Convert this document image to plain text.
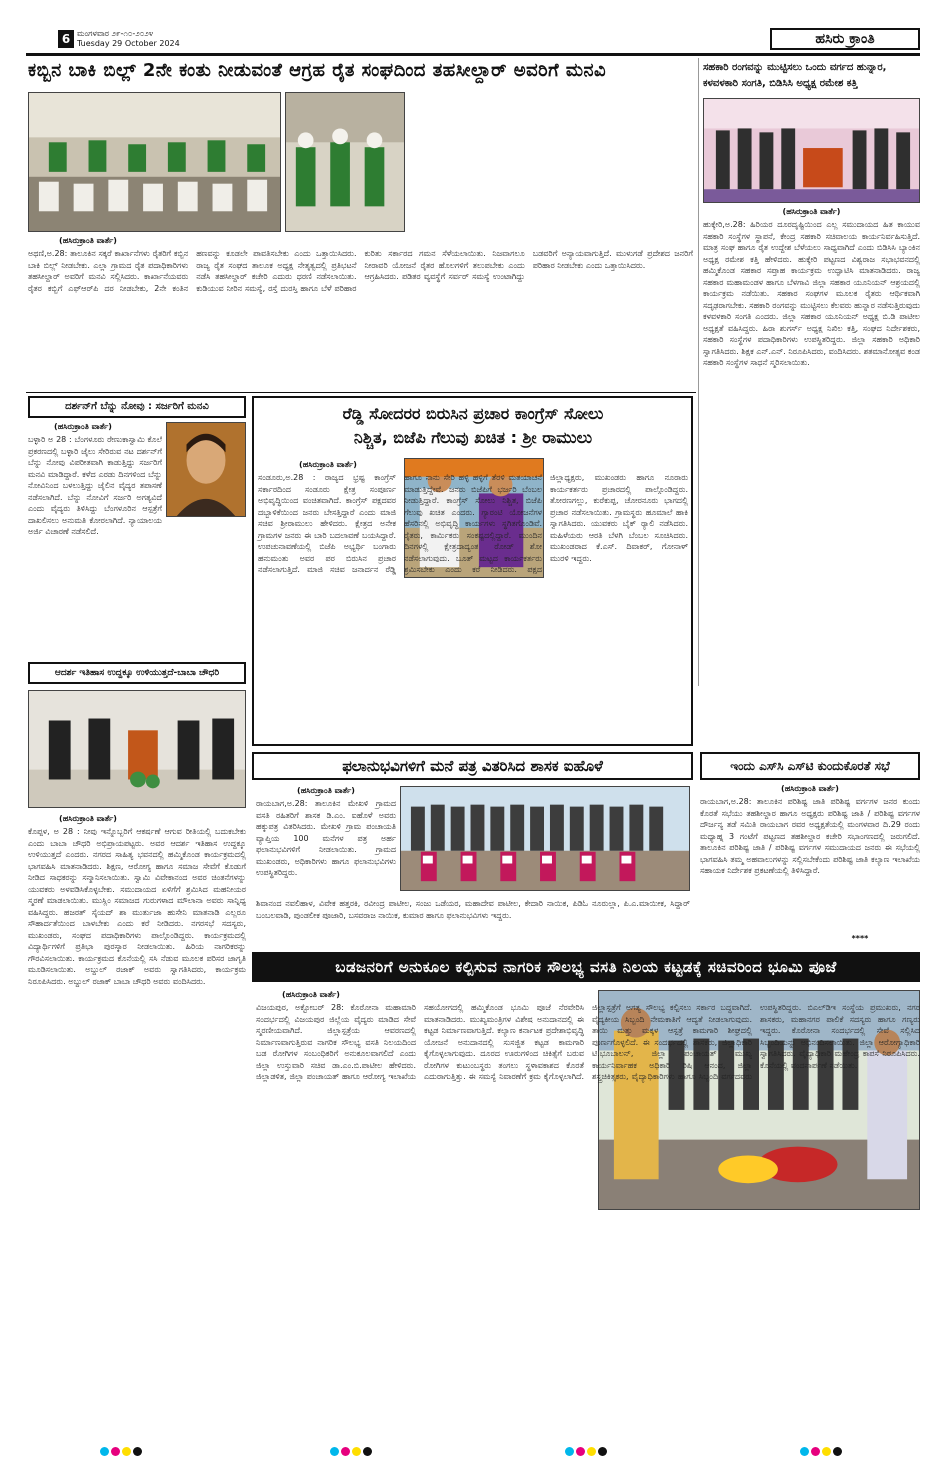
6 ಮಂಗಳವಾರ ೨೯-೧೦-೨೦೨೪
Tuesday 29 October 2024	ಹಸಿರು ಕ್ರಾಂತಿ
ಕಬ್ಬಿನ ಬಾಕಿ ಬಿಲ್ಲ್ 2ನೇ ಕಂತು ನೀಡುವಂತೆ ಆಗ್ರಹ ರೈತ ಸಂಘದಿಂದ ತಹಸೀಲ್ದಾರ್ ಅವರಿಗೆ ಮನವಿ
(ಹಸಿರುಕ್ರಾಂತಿ ವಾರ್ತೆ)
ಅಥಣಿ,ಅ.28: ತಾಲೂಕಿನ ಸಕ್ಕರೆ ಕಾರ್ಖಾನೆಗಳು ರೈತರಿಗೆ ಕಬ್ಬಿನ ಬಾಕಿ ಬಿಲ್ಲ್ ನೀಡಬೇಕು. ಎಲ್ಲಾ ಗ್ರಾಮದ ರೈತ ಪದಾಧಿಕಾರಿಗಳು ತಹಸೀಲ್ದಾರ್ ಅವರಿಗೆ ಮನವಿ ಸಲ್ಲಿಸಿದರು. ಕಾರ್ಖಾನೆಯವರು ರೈತರ ಕಬ್ಬಿಗೆ ಎಫ್‌ಆರ್‌ಪಿ ದರ ನೀಡಬೇಕು, 2ನೇ ಕಂತಿನ ಹಣವನ್ನು ಕೂಡಲೇ ಪಾವತಿಸಬೇಕು ಎಂದು ಒತ್ತಾಯಿಸಿದರು. ರಾಜ್ಯ ರೈತ ಸಂಘದ ತಾಲೂಕ ಅಧ್ಯಕ್ಷ ನೇತೃತ್ವದಲ್ಲಿ ಪ್ರತಿಭಟನೆ ನಡೆಸಿ ತಹಸೀಲ್ದಾರ್ ಕಚೇರಿ ಎದುರು ಧರಣಿ ನಡೆಸಲಾಯಿತು. ಕುಡಿಯುವ ನೀರಿನ ಸಮಸ್ಯೆ, ರಸ್ತೆ ದುರಸ್ತಿ ಹಾಗೂ ಬೆಳೆ ಪರಿಹಾರ ಕುರಿತು ಸರ್ಕಾರದ ಗಮನ ಸೆಳೆಯಲಾಯಿತು. ನಿಜವಾಗಲೂ ನೀರಾವರಿ ಯೋಜನೆ ರೈತರ ಹೊಲಗಳಿಗೆ ತಲುಪಬೇಕು ಎಂದು ಆಗ್ರಹಿಸಿದರು. ಪಡಿತರ ವ್ಯವಸ್ಥೆಗೆ ಸರ್ವರ್ ಸಮಸ್ಯೆ ಉಂಟಾಗಿದ್ದು ಬಡವರಿಗೆ ಅನ್ಯಾಯವಾಗುತ್ತಿದೆ. ಮುಳುಗಡೆ ಪ್ರದೇಶದ ಜನರಿಗೆ ಪರಿಹಾರ ನೀಡಬೇಕು ಎಂದು ಒತ್ತಾಯಿಸಿದರು.
ಸಹಕಾರಿ ರಂಗವನ್ನು ಮುಟ್ಟಿಸಲು ಒಂದು ವರ್ಗದ ಹುನ್ನಾರ,
ಕಳವಳಕಾರಿ ಸಂಗತಿ, ಬಿಡಿಸಿಸಿ ಅಧ್ಯಕ್ಷ ರಮೇಶ ಕತ್ತಿ
(ಹಸಿರುಕ್ರಾಂತಿ ವಾರ್ತೆ)
ಹುಕ್ಕೇರಿ,ಅ.28: ಹಿರಿಯರ ದೂರದೃಷ್ಟಿಯಿಂದ ಎಲ್ಲ ಸಮುದಾಯದ ಹಿತ ಕಾಯುವ ಸಹಕಾರಿ ಸಂಸ್ಥೆಗಳ ಸ್ಥಾಪನೆ, ಕೇಂದ್ರ ಸಹಕಾರಿ ಸಚಿವಾಲಯ ಕಾರ್ಯನಿರ್ವಹಿಸುತ್ತಿದೆ. ಮಾತ್ರ ಸಂಘ ಹಾಗೂ ರೈತ ಉದ್ದೇಶ ಬೆಳೆಯಲು ಸಾಧ್ಯವಾಗಿದೆ ಎಂದು ಬಿಡಿಸಿಸಿ ಬ್ಯಾಂಕಿನ ಅಧ್ಯಕ್ಷ ರಮೇಶ ಕತ್ತಿ ಹೇಳಿದರು. ಹುಕ್ಕೇರಿ ಪಟ್ಟಣದ ವಿಶ್ವರಾಜ ಸಭಾಭವನದಲ್ಲಿ ಹಮ್ಮಿಕೊಂಡ ಸಹಕಾರ ಸಪ್ತಾಹ ಕಾರ್ಯಕ್ರಮ ಉದ್ಘಾಟಿಸಿ ಮಾತನಾಡಿದರು. ರಾಜ್ಯ ಸಹಕಾರ ಮಹಾಮಂಡಳ ಹಾಗೂ ಬೆಳಗಾವಿ ಜಿಲ್ಲಾ ಸಹಕಾರ ಯೂನಿಯನ್ ಆಶ್ರಯದಲ್ಲಿ ಕಾರ್ಯಕ್ರಮ ನಡೆಯಿತು. ಸಹಕಾರ ಸಂಘಗಳ ಮೂಲಕ ರೈತರು ಆರ್ಥಿಕವಾಗಿ ಸದೃಢರಾಗಬೇಕು. ಸಹಕಾರಿ ರಂಗವನ್ನು ಮುಟ್ಟಿಸಲು ಕೆಲವರು ಹುನ್ನಾರ ನಡೆಸುತ್ತಿರುವುದು ಕಳವಳಕಾರಿ ಸಂಗತಿ ಎಂದರು. ಜಿಲ್ಲಾ ಸಹಕಾರ ಯೂನಿಯನ್ ಅಧ್ಯಕ್ಷ ಬಿ.ಡಿ ಪಾಟೀಲ ಅಧ್ಯಕ್ಷತೆ ವಹಿಸಿದ್ದರು. ಹಿರಾ ಶುಗರ್ಸ್ ಅಧ್ಯಕ್ಷ ನಿಖಿಲ ಕತ್ತಿ, ಸಂಘದ ನಿರ್ದೇಶಕರು, ಸಹಕಾರಿ ಸಂಸ್ಥೆಗಳ ಪದಾಧಿಕಾರಿಗಳು ಉಪಸ್ಥಿತರಿದ್ದರು. ಜಿಲ್ಲಾ ಸಹಕಾರಿ ಅಧಿಕಾರಿ ಸ್ವಾಗತಿಸಿದರು. ಶಿಕ್ಷಕ ಎನ್.ಎನ್. ನಿರೂಪಿಸಿದರು, ವಂದಿಸಿದರು. ಶತಮಾನೋತ್ಸವ ಕಂಡ ಸಹಕಾರಿ ಸಂಸ್ಥೆಗಳ ಸಾಧನೆ ಸ್ಮರಿಸಲಾಯಿತು.
ದರ್ಶನ್‌ಗೆ ಬೆನ್ನು ನೋವು : ಸರ್ಜರಿಗೆ ಮನವಿ
(ಹಸಿರುಕ್ರಾಂತಿ ವಾರ್ತೆ)
ಬಳ್ಳಾರಿ ಅ 28 : ಬೆಂಗಳೂರು ರೇಣುಕಾಸ್ವಾಮಿ ಕೊಲೆ ಪ್ರಕರಣದಲ್ಲಿ ಬಳ್ಳಾರಿ ಜೈಲು ಸೇರಿರುವ ನಟ ದರ್ಶನ್‌ಗೆ ಬೆನ್ನು ನೋವು ವಿಪರೀತವಾಗಿ ಕಾಡುತ್ತಿದ್ದು ಸರ್ಜರಿಗೆ ಮನವಿ ಮಾಡಿದ್ದಾರೆ. ಕಳೆದ ಎರಡು ದಿನಗಳಿಂದ ಬೆನ್ನು ನೋವಿನಿಂದ ಬಳಲುತ್ತಿದ್ದು ಜೈಲಿನ ವೈದ್ಯರ ತಪಾಸಣೆ ನಡೆಸಲಾಗಿದೆ. ಬೆನ್ನು ನೋವಿಗೆ ಸರ್ಜರಿ ಅಗತ್ಯವಿದೆ ಎಂದು ವೈದ್ಯರು ತಿಳಿಸಿದ್ದು ಬೆಂಗಳೂರಿನ ಆಸ್ಪತ್ರೆಗೆ ದಾಖಲಿಸಲು ಅನುಮತಿ ಕೋರಲಾಗಿದೆ. ನ್ಯಾಯಾಲಯ ಅರ್ಜಿ ವಿಚಾರಣೆ ನಡೆಸಲಿದೆ.
ಆದರ್ಶ ಇತಿಹಾಸ ಉದ್ದಕ್ಕೂ ಉಳಿಯುತ್ತದೆ-ಬಾಬಾ ಚೌಧರಿ
(ಹಸಿರುಕ್ರಾಂತಿ ವಾರ್ತೆ)
ಕೊಪ್ಪಳ, ಅ 28 : ನೀವು ಇನ್ನೊಬ್ಬರಿಗೆ ಆಕರ್ಷಣೆ ಆಗುವ ರೀತಿಯಲ್ಲಿ ಬದುಕಬೇಕು ಎಂದು ಬಾಬಾ ಚೌಧರಿ ಅಭಿಪ್ರಾಯಪಟ್ಟರು. ಅವರ ಆದರ್ಶ ಇತಿಹಾಸ ಉದ್ದಕ್ಕೂ ಉಳಿಯುತ್ತದೆ ಎಂದರು. ನಗರದ ಸಾಹಿತ್ಯ ಭವನದಲ್ಲಿ ಹಮ್ಮಿಕೊಂಡ ಕಾರ್ಯಕ್ರಮದಲ್ಲಿ ಭಾಗವಹಿಸಿ ಮಾತನಾಡಿದರು. ಶಿಕ್ಷಣ, ಆರೋಗ್ಯ ಹಾಗೂ ಸಮಾಜ ಸೇವೆಗೆ ಕೊಡುಗೆ ನೀಡಿದ ಸಾಧಕರನ್ನು ಸನ್ಮಾನಿಸಲಾಯಿತು. ಸ್ವಾಮಿ ವಿವೇಕಾನಂದ ಅವರ ಚಿಂತನೆಗಳನ್ನು ಯುವಕರು ಅಳವಡಿಸಿಕೊಳ್ಳಬೇಕು. ಸಮುದಾಯದ ಏಳಿಗೆಗೆ ಶ್ರಮಿಸಿದ ಮಹನೀಯರ ಸ್ಮರಣೆ ಮಾಡಲಾಯಿತು. ಮುಸ್ಲಿಂ ಸಮಾಜದ ಗುರುಗಳಾದ ಮೌಲಾನಾ ಅವರು ಸಾನ್ನಿಧ್ಯ ವಹಿಸಿದ್ದರು. ಹಜರತ್ ಸೈಯದ್ ಶಾ ಮುರ್ತುಜಾ ಹುಸೇನಿ ಮಾತನಾಡಿ ಎಲ್ಲರೂ ಸೌಹಾರ್ದತೆಯಿಂದ ಬಾಳಬೇಕು ಎಂದು ಕರೆ ನೀಡಿದರು. ನಗರಸಭೆ ಸದಸ್ಯರು, ಮುಖಂಡರು, ಸಂಘದ ಪದಾಧಿಕಾರಿಗಳು ಪಾಲ್ಗೊಂಡಿದ್ದರು. ಕಾರ್ಯಕ್ರಮದಲ್ಲಿ ವಿದ್ಯಾರ್ಥಿಗಳಿಗೆ ಪ್ರತಿಭಾ ಪುರಸ್ಕಾರ ನೀಡಲಾಯಿತು. ಹಿರಿಯ ನಾಗರಿಕರನ್ನು ಗೌರವಿಸಲಾಯಿತು. ಕಾರ್ಯಕ್ರಮದ ಕೊನೆಯಲ್ಲಿ ಸಸಿ ನೆಡುವ ಮೂಲಕ ಪರಿಸರ ಜಾಗೃತಿ ಮೂಡಿಸಲಾಯಿತು. ಅಬ್ದುಲ್ ರಜಾಕ್ ಅವರು ಸ್ವಾಗತಿಸಿದರು, ಕಾರ್ಯಕ್ರಮ ನಿರೂಪಿಸಿದರು. ಅಬ್ದುಲ್ ರಜಾಕ್ ಬಾಬಾ ಚೌಧರಿ ಅವರು ವಂದಿಸಿದರು.
ರೆಡ್ಡಿ ಸೋದರರ ಬಿರುಸಿನ ಪ್ರಚಾರ ಕಾಂಗ್ರೆಸ್ ಸೋಲು
ನಿಶ್ಚಿತ, ಬಿಜೆಪಿ ಗೆಲುವು ಖಚಿತ : ಶ್ರೀ ರಾಮುಲು
(ಹಸಿರುಕ್ರಾಂತಿ ವಾರ್ತೆ)
ಸಂಡೂರು,ಅ.28 : ರಾಜ್ಯದ ಭ್ರಷ್ಟ ಕಾಂಗ್ರೆಸ್ ಸರ್ಕಾರದಿಂದ ಸಂಡೂರು ಕ್ಷೇತ್ರ ಸಂಪೂರ್ಣ ಅಭಿವೃದ್ಧಿಯಿಂದ ವಂಚಿತವಾಗಿದೆ. ಕಾಂಗ್ರೆಸ್ ಪಕ್ಷದವರ ದಬ್ಬಾಳಿಕೆಯಿಂದ ಜನರು ಬೇಸತ್ತಿದ್ದಾರೆ ಎಂದು ಮಾಜಿ ಸಚಿವ ಶ್ರೀರಾಮುಲು ಹೇಳಿದರು. ಕ್ಷೇತ್ರದ ಅನೇಕ ಗ್ರಾಮಗಳ ಜನರು ಈ ಬಾರಿ ಬದಲಾವಣೆ ಬಯಸಿದ್ದಾರೆ. ಉಪಚುನಾವಣೆಯಲ್ಲಿ ಬಿಜೆಪಿ ಅಭ್ಯರ್ಥಿ ಬಂಗಾರು ಹನುಮಂತು ಅವರ ಪರ ಬಿರುಸಿನ ಪ್ರಚಾರ ನಡೆಸಲಾಗುತ್ತಿದೆ. ಮಾಜಿ ಸಚಿವ ಜನಾರ್ದನ ರೆಡ್ಡಿ ಹಾಗೂ ನಾನು ಸೇರಿ ಹಳ್ಳಿ ಹಳ್ಳಿಗೆ ತೆರಳಿ ಮತಯಾಚನೆ ಮಾಡುತ್ತಿದ್ದೇವೆ. ಜನರು ಬಿಜೆಪಿಗೆ ಭರ್ಜರಿ ಬೆಂಬಲ ನೀಡುತ್ತಿದ್ದಾರೆ. ಕಾಂಗ್ರೆಸ್ ಸೋಲು ನಿಶ್ಚಿತ, ಬಿಜೆಪಿ ಗೆಲುವು ಖಚಿತ ಎಂದರು. ಗ್ಯಾರಂಟಿ ಯೋಜನೆಗಳ ಹೆಸರಿನಲ್ಲಿ ಅಭಿವೃದ್ಧಿ ಕಾರ್ಯಗಳು ಸ್ಥಗಿತಗೊಂಡಿವೆ. ರೈತರು, ಕಾರ್ಮಿಕರು ಸಂಕಷ್ಟದಲ್ಲಿದ್ದಾರೆ. ಮುಂದಿನ ದಿನಗಳಲ್ಲಿ ಕ್ಷೇತ್ರದಾದ್ಯಂತ ರೋಡ್ ಶೋ ನಡೆಸಲಾಗುವುದು. ಬೂತ್ ಮಟ್ಟದ ಕಾರ್ಯಕರ್ತರು ಶ್ರಮಿಸಬೇಕು ಎಂದು ಕರೆ ನೀಡಿದರು. ಪಕ್ಷದ ಜಿಲ್ಲಾಧ್ಯಕ್ಷರು, ಮುಖಂಡರು ಹಾಗೂ ನೂರಾರು ಕಾರ್ಯಕರ್ತರು ಪ್ರಚಾರದಲ್ಲಿ ಪಾಲ್ಗೊಂಡಿದ್ದರು. ತೋರಣಗಲ್ಲು, ಕುರೆಕುಪ್ಪ, ಚೋರನೂರು ಭಾಗದಲ್ಲಿ ಪ್ರಚಾರ ನಡೆಸಲಾಯಿತು. ಗ್ರಾಮಸ್ಥರು ಹೂಮಾಲೆ ಹಾಕಿ ಸ್ವಾಗತಿಸಿದರು. ಯುವಕರು ಬೈಕ್ ರ‍್ಯಾಲಿ ನಡೆಸಿದರು. ಮಹಿಳೆಯರು ಆರತಿ ಬೆಳಗಿ ಬೆಂಬಲ ಸೂಚಿಸಿದರು. ಮುಖಂಡರಾದ ಕೆ.ಎಸ್. ದಿವಾಕರ್, ಗೋನಾಳ್ ಮುರಳಿ ಇದ್ದರು.
ಫಲಾನುಭವಿಗಳಿಗೆ ಮನೆ ಪತ್ರ ವಿತರಿಸಿದ ಶಾಸಕ ಐಹೊಳೆ
(ಹಸಿರುಕ್ರಾಂತಿ ವಾರ್ತೆ)
ರಾಯಬಾಗ,ಅ.28: ತಾಲೂಕಿನ ಮೇಖಳಿ ಗ್ರಾಮದ ವಸತಿ ರಹಿತರಿಗೆ ಶಾಸಕ ಡಿ.ಎಂ. ಐಹೊಳೆ ಅವರು ಹಕ್ಕುಪತ್ರ ವಿತರಿಸಿದರು. ಮೇಖಳಿ ಗ್ರಾಮ ಪಂಚಾಯತಿ ವ್ಯಾಪ್ತಿಯ 100 ಮನೆಗಳ ಪತ್ರ ಅರ್ಹ ಫಲಾನುಭವಿಗಳಿಗೆ ನೀಡಲಾಯಿತು. ಗ್ರಾಮದ ಮುಖಂಡರು, ಅಧಿಕಾರಿಗಳು ಹಾಗೂ ಫಲಾನುಭವಿಗಳು ಉಪಸ್ಥಿತರಿದ್ದರು.
ಶಿವಾನಂದ ನವಲಿಹಾಳ, ವಿವೇಕ ಹತ್ತರಕಿ, ರವೀಂದ್ರ ಪಾಟೀಲ, ಸಂಜು ಒಡೆಯರ, ಮಹಾದೇವ ಪಾಟೀಲ, ಕೇದಾರಿ ನಾಯಿಕ, ಪಿಡಿಓ ನೂರುಲ್ಲಾ, ಪಿ.ಎ.ಮಾಯೀಕ, ಸಿದ್ದಾರ್ ಬಂಬಲವಾಡಿ, ಪುಂಡಲೀಕ ಪೂಜಾರಿ, ಬಸವರಾಜ ನಾಯಿಕ, ಕುಮಾರ ಹಾಗೂ ಫಲಾನುಭವಿಗಳು ಇದ್ದರು.
ಇಂದು ಎಸ್‌ಸಿ ಎಸ್‌ಟಿ ಕುಂದುಕೊರತೆ ಸಭೆ
(ಹಸಿರುಕ್ರಾಂತಿ ವಾರ್ತೆ)
ರಾಯಬಾಗ,ಅ.28: ತಾಲೂಕಿನ ಪರಿಶಿಷ್ಟ ಜಾತಿ ಪರಿಶಿಷ್ಟ ವರ್ಗಗಳ ಜನರ ಕುಂದು ಕೊರತೆ ಸಭೆಯು ತಹಶೀಲ್ದಾರ ಹಾಗೂ ಅಧ್ಯಕ್ಷರು ಪರಿಶಿಷ್ಟ ಜಾತಿ / ಪರಿಶಿಷ್ಟ ವರ್ಗಗಳ ದೌರ್ಜನ್ಯ ತಡೆ ಸಮಿತಿ ರಾಯಬಾಗ ರವರ ಅಧ್ಯಕ್ಷತೆಯಲ್ಲಿ ಮಂಗಳವಾರ ದಿ.29 ರಂದು ಮಧ್ಯಾಹ್ನ 3 ಗಂಟೆಗೆ ಪಟ್ಟಣದ ತಹಶೀಲ್ದಾರ ಕಚೇರಿ ಸಭಾಂಗಣದಲ್ಲಿ ಜರುಗಲಿದೆ. ತಾಲೂಕಿನ ಪರಿಶಿಷ್ಟ ಜಾತಿ / ಪರಿಶಿಷ್ಟ ವರ್ಗಗಳ ಸಮುದಾಯದ ಜನರು ಈ ಸಭೆಯಲ್ಲಿ ಭಾಗವಹಿಸಿ ತಮ್ಮ ಅಹವಾಲುಗಳನ್ನು ಸಲ್ಲಿಸಬೇಕೆಂದು ಪರಿಶಿಷ್ಟ ಜಾತಿ ಕಲ್ಯಾಣ ಇಲಾಖೆಯ ಸಹಾಯಕ ನಿರ್ದೇಶಕ ಪ್ರಕಟಣೆಯಲ್ಲಿ ತಿಳಿಸಿದ್ದಾರೆ.
****
ಬಡಜನರಿಗೆ ಅನುಕೂಲ ಕಲ್ಪಿಸುವ ನಾಗರಿಕ ಸೌಲಭ್ಯ ವಸತಿ ನಿಲಯ ಕಟ್ಟಡಕ್ಕೆ ಸಚಿವರಿಂದ ಭೂಮಿ ಪೂಜೆ
(ಹಸಿರುಕ್ರಾಂತಿ ವಾರ್ತೆ)
ವಿಜಯಪುರ, ಅಕ್ಟೋಬರ್ 28: ಕೊರೋನಾ ಮಹಾಮಾರಿ ಸಂದರ್ಭದಲ್ಲಿ ವಿಜಯಪುರ ಜಿಲ್ಲೆಯ ವೈದ್ಯರು ಮಾಡಿದ ಸೇವೆ ಸ್ಮರಣೀಯವಾಗಿದೆ. ಜಿಲ್ಲಾಸ್ಪತ್ರೆಯ ಆವರಣದಲ್ಲಿ ನಿರ್ಮಾಣವಾಗುತ್ತಿರುವ ನಾಗರಿಕ ಸೌಲಭ್ಯ ವಸತಿ ನಿಲಯದಿಂದ ಬಡ ರೋಗಿಗಳ ಸಂಬಂಧಿಕರಿಗೆ ಅನುಕೂಲವಾಗಲಿದೆ ಎಂದು ಜಿಲ್ಲಾ ಉಸ್ತುವಾರಿ ಸಚಿವ ಡಾ.ಎಂ.ಬಿ.ಪಾಟೀಲ ಹೇಳಿದರು. ಜಿಲ್ಲಾಡಳಿತ, ಜಿಲ್ಲಾ ಪಂಚಾಯತ್ ಹಾಗೂ ಆರೋಗ್ಯ ಇಲಾಖೆಯ ಸಹಯೋಗದಲ್ಲಿ ಹಮ್ಮಿಕೊಂಡ ಭೂಮಿ ಪೂಜೆ ನೆರವೇರಿಸಿ ಮಾತನಾಡಿದರು. ಮುಖ್ಯಮಂತ್ರಿಗಳ ವಿಶೇಷ ಅನುದಾನದಲ್ಲಿ ಈ ಕಟ್ಟಡ ನಿರ್ಮಾಣವಾಗುತ್ತಿದೆ. ಕಲ್ಯಾಣ ಕರ್ನಾಟಕ ಪ್ರದೇಶಾಭಿವೃದ್ಧಿ ಯೋಜನೆ ಅನುದಾನದಲ್ಲಿ ಸುಸಜ್ಜಿತ ಕಟ್ಟಡ ಕಾಮಗಾರಿ ಕೈಗೊಳ್ಳಲಾಗುವುದು. ದೂರದ ಊರುಗಳಿಂದ ಚಿಕಿತ್ಸೆಗೆ ಬರುವ ರೋಗಿಗಳ ಕುಟುಂಬಸ್ಥರು ತಂಗಲು ಸ್ಥಳಾವಕಾಶದ ಕೊರತೆ ಎದುರಾಗುತ್ತಿತ್ತು. ಈ ಸಮಸ್ಯೆ ನಿವಾರಣೆಗೆ ಕ್ರಮ ಕೈಗೊಳ್ಳಲಾಗಿದೆ. ಜಿಲ್ಲಾಸ್ಪತ್ರೆಗೆ ಅಗತ್ಯ ಸೌಲಭ್ಯ ಕಲ್ಪಿಸಲು ಸರ್ಕಾರ ಬದ್ಧವಾಗಿದೆ. ವೈದ್ಯಕೀಯ ಸಿಬ್ಬಂದಿ ನೇಮಕಾತಿಗೆ ಆದ್ಯತೆ ನೀಡಲಾಗುವುದು. ತಾಯಿ ಮತ್ತು ಮಕ್ಕಳ ಆಸ್ಪತ್ರೆ ಕಾಮಗಾರಿ ಶೀಘ್ರದಲ್ಲಿ ಪೂರ್ಣಗೊಳ್ಳಲಿದೆ. ಈ ಸಂದರ್ಭದಲ್ಲಿ ಶಾಸಕರು, ಜಿಲ್ಲಾಧಿಕಾರಿ ಟಿ.ಭೂಬಾಲನ್, ಜಿಲ್ಲಾ ಪಂಚಾಯತ್ ಮುಖ್ಯ ಕಾರ್ಯನಿರ್ವಾಹಕ ಅಧಿಕಾರಿ ರಿಷಿ ಆನಂದ, ಜಿಲ್ಲಾ ಶಸ್ತ್ರಚಿಕಿತ್ಸಕರು, ವೈದ್ಯಾಧಿಕಾರಿಗಳು ಹಾಗೂ ಸಿಬ್ಬಂದಿ ವರ್ಗದವರು ಉಪಸ್ಥಿತರಿದ್ದರು. ಬಿಎಲ್‌ಡಿಇ ಸಂಸ್ಥೆಯ ಪ್ರಮುಖರು, ನಗರ ಶಾಸಕರು, ಮಹಾನಗರ ಪಾಲಿಕೆ ಸದಸ್ಯರು ಹಾಗೂ ಗಣ್ಯರು ಇದ್ದರು. ಕೊರೋನಾ ಸಂದರ್ಭದಲ್ಲಿ ಸೇವೆ ಸಲ್ಲಿಸಿದ ಸಿಬ್ಬಂದಿಯನ್ನು ಅಭಿನಂದಿಸಲಾಯಿತು. ಜಿಲ್ಲಾ ಆರೋಗ್ಯಾಧಿಕಾರಿ ಸ್ವಾಗತಿಸಿದರು. ವೈದ್ಯಾಧಿಕಾರಿ ಮಹೇಂದ್ರ ಕಾಪಸೆ ನಿರೂಪಿಸಿದರು. ಕೊನೆಯಲ್ಲಿ ವಂದನಾರ್ಪಣೆ ನಡೆಯಿತು.
